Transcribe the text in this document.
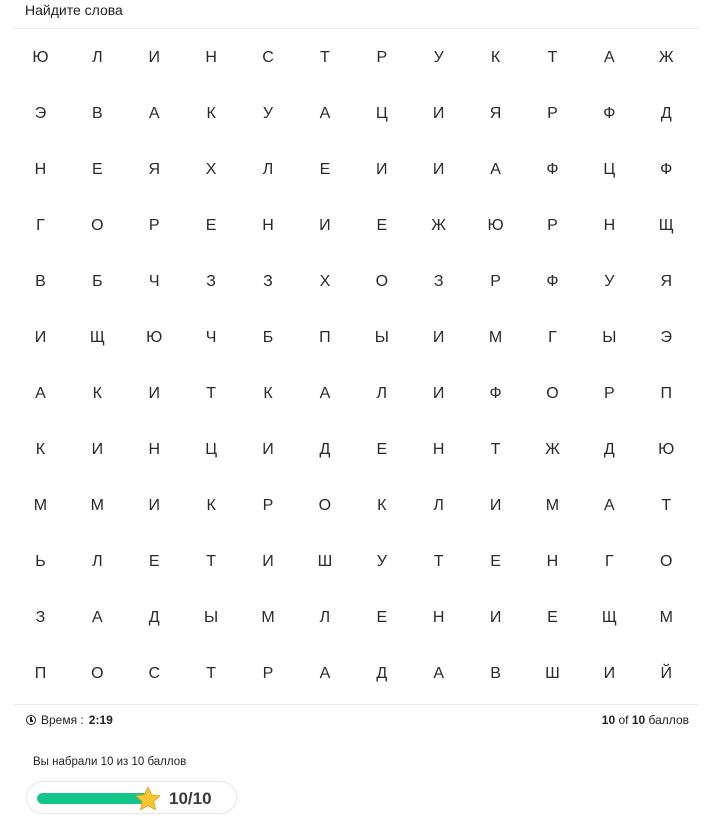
Найдите слова
Ю	Л	И	Н	С	Т	Р	У	К	Т	А	Ж
Э	В	А	К	У	А	Ц	И	Я	Р	Ф	Д
Н	Е	Я	Х	Л	Е	И	И	А	Ф	Ц	Ф
Г	О	Р	Е	Н	И	Е	Ж	Ю	Р	Н	Щ
В	Б	Ч	З	З	Х	О	З	Р	Ф	У	Я
И	Щ	Ю	Ч	Б	П	Ы	И	М	Г	Ы	Э
А	К	И	Т	К	А	Л	И	Ф	О	Р	П
К	И	Н	Ц	И	Д	Е	Н	Т	Ж	Д	Ю
М	М	И	К	Р	О	К	Л	И	М	А	Т
Ь	Л	Е	Т	И	Ш	У	Т	Е	Н	Г	О
З	А	Д	Ы	М	Л	Е	Н	И	Е	Щ	М
П	О	С	Т	Р	А	Д	А	В	Ш	И	Й
Время : 2:19	10 of 10 баллов
Вы набрали 10 из 10 баллов
10/10
